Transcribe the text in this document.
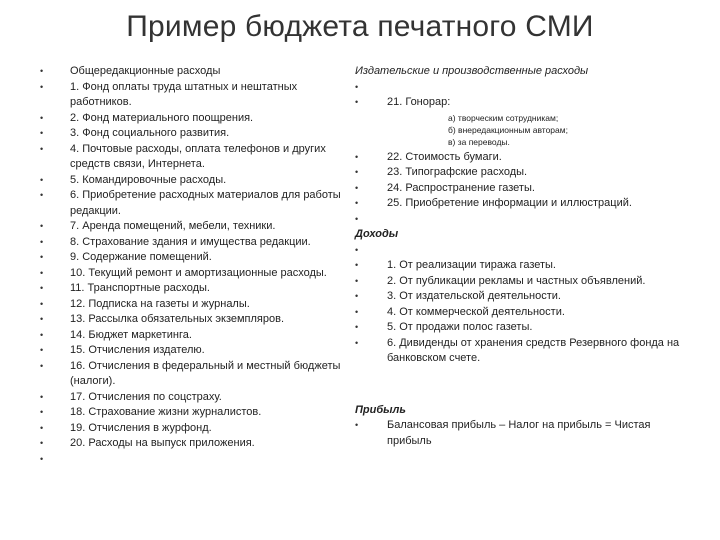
Пример бюджета печатного СМИ
•	Общередакционные расходы
•	1. Фонд оплаты труда штатных и нештатных работников.
•	2. Фонд материального поощрения.
•	3. Фонд социального развития.
•	4. Почтовые расходы, оплата телефонов и других средств связи, Интернета.
•	5. Командировочные расходы.
•	6. Приобретение расходных материалов для работы редакции.
•	7. Аренда помещений, мебели, техники.
•	8. Страхование здания и имущества редакции.
•	9. Содержание помещений.
•	10. Текущий ремонт и амортизационные расходы.
•	11. Транспортные расходы.
•	12. Подписка на газеты и журналы.
•	13. Рассылка обязательных экземпляров.
•	14. Бюджет маркетинга.
•	15. Отчисления издателю.
•	16. Отчисления в федеральный и местный бюджеты (налоги).
•	17. Отчисления по соцстраху.
•	18. Страхование жизни журналистов.
•	19. Отчисления в журфонд.
•	20. Расходы на выпуск приложения.
•

Издательские и производственные расходы
•

•	21. Гонорар:
а) творческим сотрудникам;
б) внередакционным авторам;
в) за переводы.
•	22. Стоимость бумаги.
•	23. Типографские расходы.
•	24. Распространение газеты.
•	25. Приобретение информации и иллюстраций.
•

Доходы
•

•	1. От реализации тиража газеты.
•	2. От публикации рекламы и частных объявлений.
•	3. От издательской деятельности.
•	4. От коммерческой деятельности.
•	5. От продажи полос газеты.
•	6. Дивиденды от хранения средств Резервного фонда на банковском счете.
Прибыль
•	Балансовая прибыль – Налог на прибыль = Чистая прибыль
